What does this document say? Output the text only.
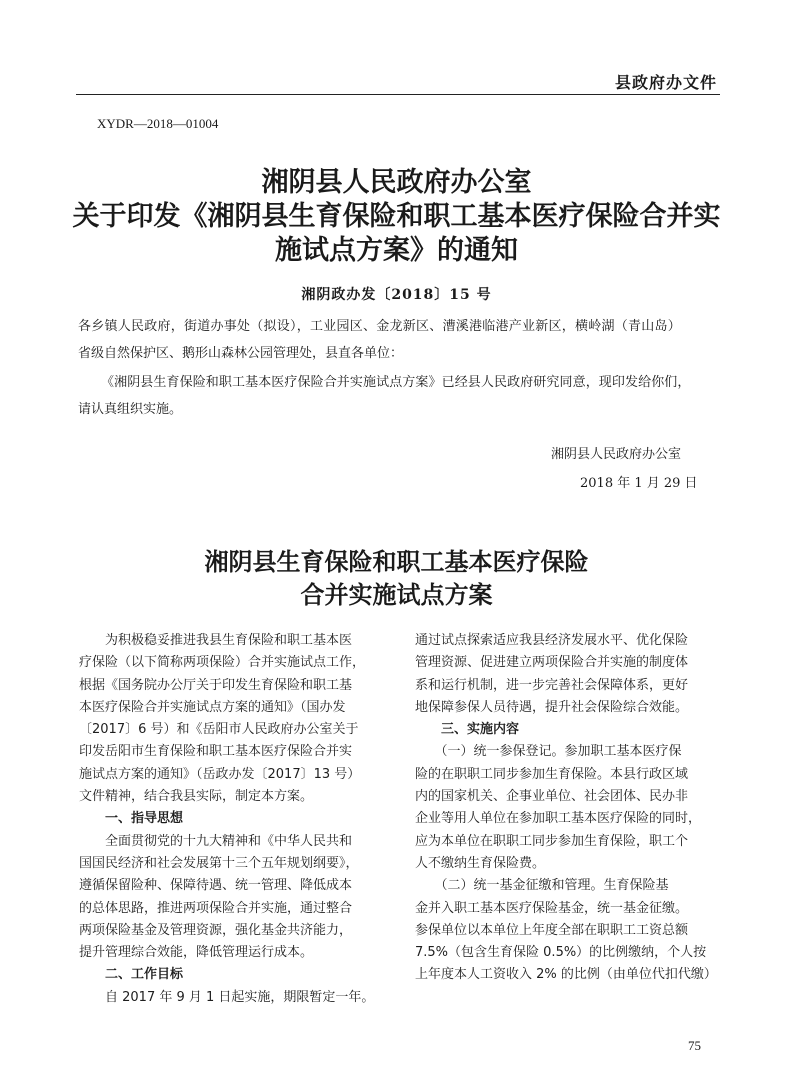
县政府办文件
XYDR—2018—01004
湘阴县人民政府办公室
关于印发《湘阴县生育保险和职工基本医疗保险合并实
施试点方案》的通知
湘阴政办发〔2018〕15 号
各乡镇人民政府，街道办事处（拟设），工业园区、金龙新区、漕溪港临港产业新区，横岭湖（青山岛）
省级自然保护区、鹅形山森林公园管理处，县直各单位：
《湘阴县生育保险和职工基本医疗保险合并实施试点方案》已经县人民政府研究同意，现印发给你们，
请认真组织实施。
湘阴县人民政府办公室
2018 年 1 月 29 日
湘阴县生育保险和职工基本医疗保险
合并实施试点方案
　　为积极稳妥推进我县生育保险和职工基本医
疗保险（以下简称两项保险）合并实施试点工作，
根据《国务院办公厅关于印发生育保险和职工基
本医疗保险合并实施试点方案的通知》（国办发
〔2017〕6 号）和《岳阳市人民政府办公室关于
印发岳阳市生育保险和职工基本医疗保险合并实
施试点方案的通知》（岳政办发〔2017〕13 号）
文件精神，结合我县实际，制定本方案。
　　一、指导思想
　　全面贯彻党的十九大精神和《中华人民共和
国国民经济和社会发展第十三个五年规划纲要》，
遵循保留险种、保障待遇、统一管理、降低成本
的总体思路，推进两项保险合并实施，通过整合
两项保险基金及管理资源，强化基金共济能力，
提升管理综合效能，降低管理运行成本。
　　二、工作目标
　　自 2017 年 9 月 1 日起实施，期限暂定一年。
通过试点探索适应我县经济发展水平、优化保险
管理资源、促进建立两项保险合并实施的制度体
系和运行机制，进一步完善社会保障体系，更好
地保障参保人员待遇，提升社会保险综合效能。
　　三、实施内容
　　（一）统一参保登记。参加职工基本医疗保
险的在职职工同步参加生育保险。本县行政区域
内的国家机关、企事业单位、社会团体、民办非
企业等用人单位在参加职工基本医疗保险的同时，
应为本单位在职职工同步参加生育保险，职工个
人不缴纳生育保险费。
　　（二）统一基金征缴和管理。生育保险基
金并入职工基本医疗保险基金，统一基金征缴。
参保单位以本单位上年度全部在职职工工资总额
7.5%（包含生育保险 0.5%）的比例缴纳，个人按
上年度本人工资收入 2% 的比例（由单位代扣代缴）
75
